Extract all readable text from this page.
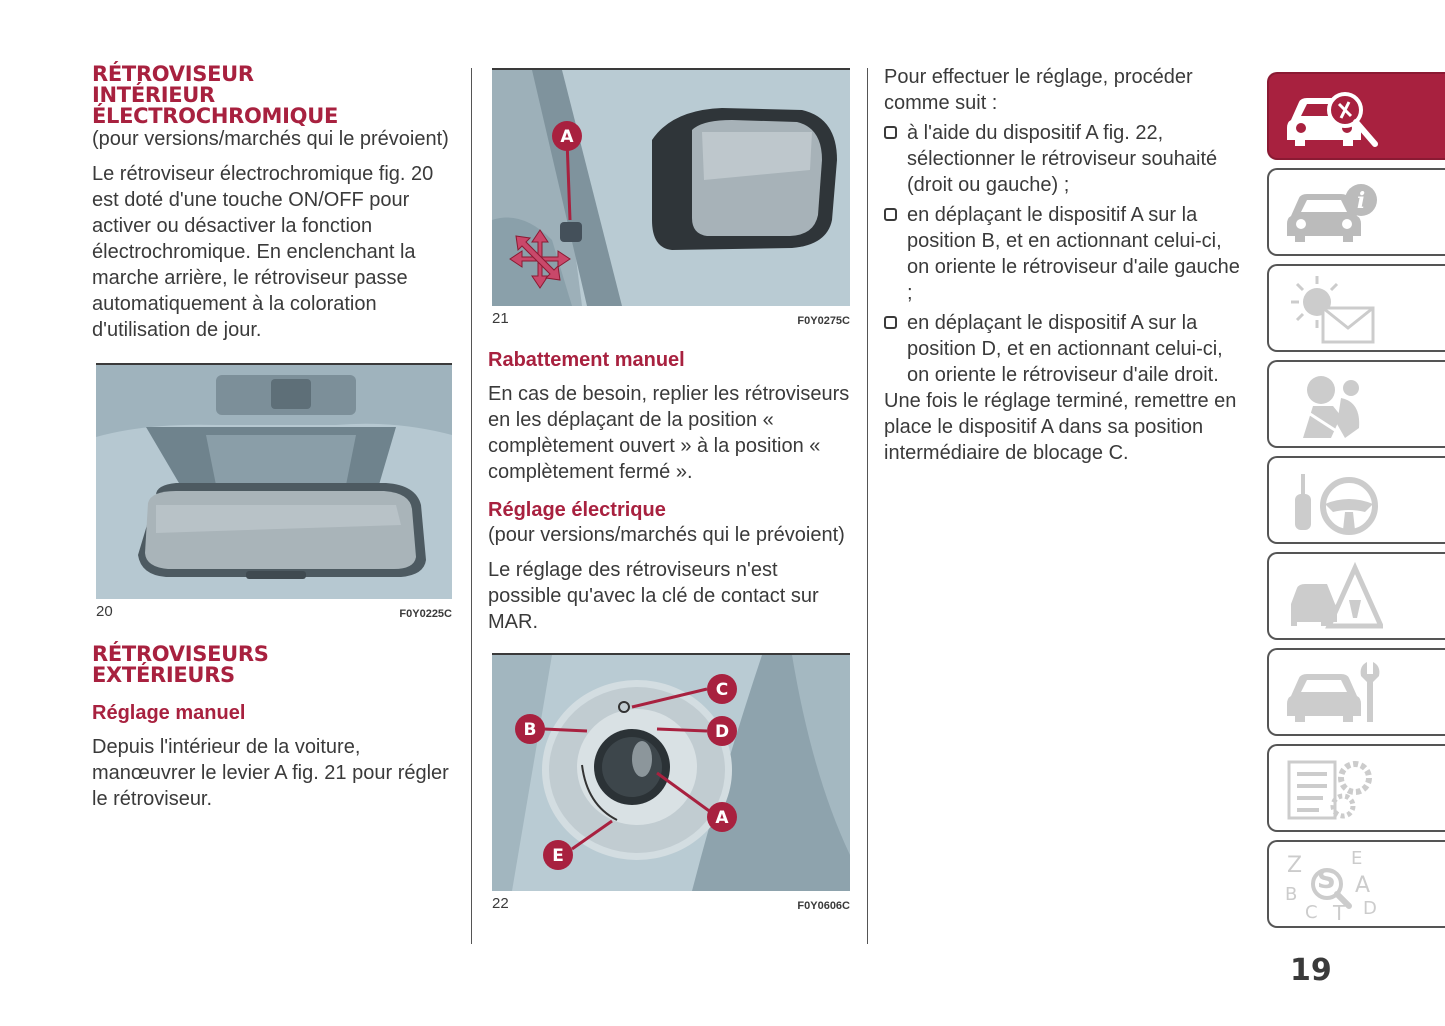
RÉTROVISEUR
INTÉRIEUR
ÉLECTROCHROMIQUE

(pour versions/marchés qui le prévoient)

Le rétroviseur électrochromique fig. 20 est doté d'une touche ON/OFF pour activer ou désactiver la fonction électrochromique. En enclenchant la marche arrière, le rétroviseur passe automatiquement à la coloration d'utilisation de jour.

20	F0Y0225C
RÉTROVISEURS
EXTÉRIEURS
Réglage manuel

Depuis l'intérieur de la voiture, manœuvrer le levier A fig. 21 pour régler le rétroviseur.

A
21	F0Y0275C
Rabattement manuel

En cas de besoin, replier les rétroviseurs en les déplaçant de la position « complètement ouvert » à la position « complètement fermé ».

Réglage électrique

(pour versions/marchés qui le prévoient)

Le réglage des rétroviseurs n'est possible qu'avec la clé de contact sur MAR.

C
B	D
A
E
22	F0Y0606C

Pour effectuer le réglage, procéder comme suit :

à l'aide du dispositif A fig. 22, sélectionner le rétroviseur souhaité (droit ou gauche) ;

en déplaçant le dispositif A sur la position B, et en actionnant celui-ci, on oriente le rétroviseur d'aile gauche ;

en déplaçant le dispositif A sur la position D, et en actionnant celui-ci, on oriente le rétroviseur d'aile droit.

Une fois le réglage terminé, remettre en place le dispositif A dans sa position intermédiaire de blocage C.

i
Z	E
S A
B
C T D
19
